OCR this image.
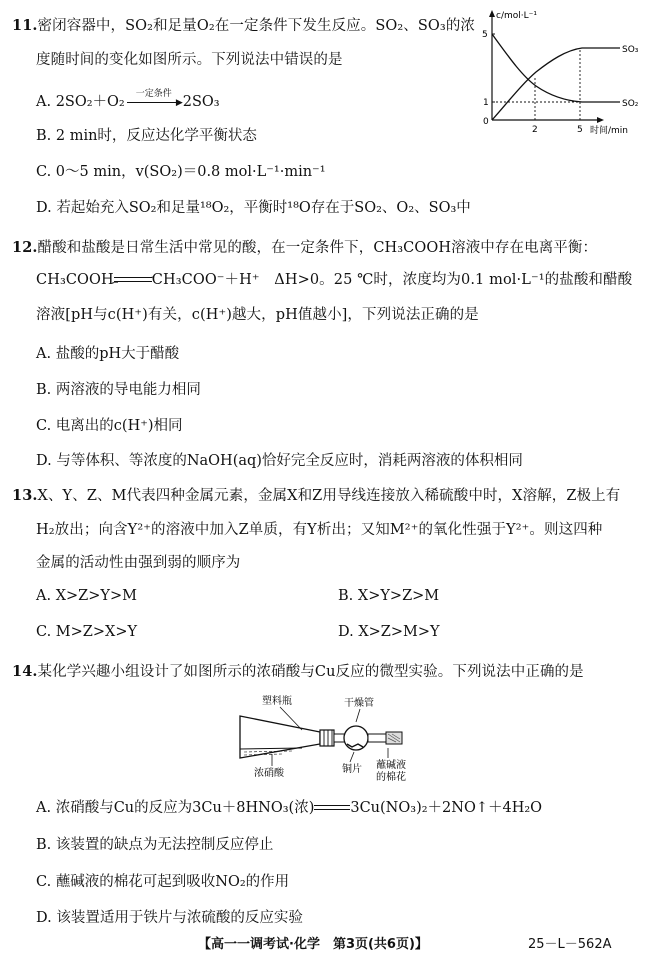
11.密闭容器中，SO₂和足量O₂在一定条件下发生反应。SO₂、SO₃的浓
度随时间的变化如图所示。下列说法中错误的是
A. 2SO₂＋O₂	一定条件
▶ 2SO₃
B. 2 min时，反应达化学平衡状态
C. 0～5 min，v(SO₂)＝0.8 mol·L⁻¹·min⁻¹
D. 若起始充入SO₂和足量¹⁸O₂，平衡时¹⁸O存在于SO₂、O₂、SO₃中
c/mol·L⁻¹
时间/min
5
1
0
2	5
SO₃
SO₂
12.醋酸和盐酸是日常生活中常见的酸，在一定条件下，CH₃COOH溶液中存在电离平衡：
CH₃COOH	⇀
↽ CH₃COO⁻＋H⁺　ΔH>0。25 ℃时，浓度均为0.1 mol·L⁻¹的盐酸和醋酸
溶液[pH与c(H⁺)有关，c(H⁺)越大，pH值越小]，下列说法正确的是
A. 盐酸的pH大于醋酸
B. 两溶液的导电能力相同
C. 电离出的c(H⁺)相同
D. 与等体积、等浓度的NaOH(aq)恰好完全反应时，消耗两溶液的体积相同
13.X、Y、Z、M代表四种金属元素，金属X和Z用导线连接放入稀硫酸中时，X溶解，Z极上有
H₂放出；向含Y²⁺的溶液中加入Z单质，有Y析出；又知M²⁺的氧化性强于Y²⁺。则这四种
金属的活动性由强到弱的顺序为
A. X>Z>Y>M	B. X>Y>Z>M
C. M>Z>X>Y	D. X>Z>M>Y
14.某化学兴趣小组设计了如图所示的浓硝酸与Cu反应的微型实验。下列说法中正确的是
塑料瓶	干燥管
浓硝酸	铜片 蘸碱液
的棉花
A. 浓硝酸与Cu的反应为3Cu＋8HNO₃(浓) 3Cu(NO₃)₂＋2NO↑＋4H₂O
B. 该装置的缺点为无法控制反应停止
C. 蘸碱液的棉花可起到吸收NO₂的作用
D. 该装置适用于铁片与浓硫酸的反应实验
【高一一调考试·化学　第3页(共6页)】	25－L－562A
